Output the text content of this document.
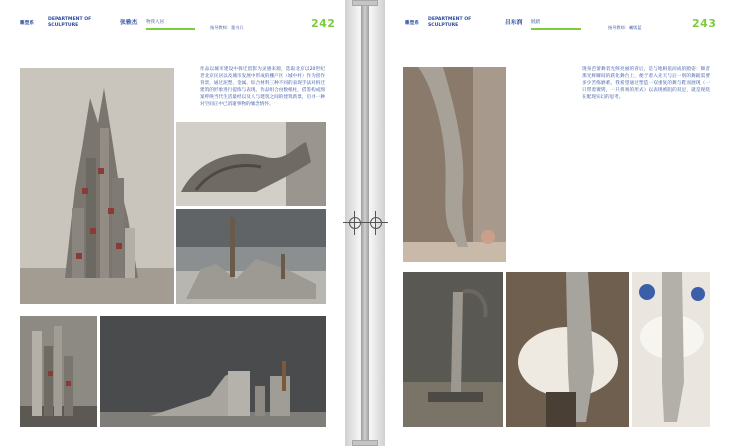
雕塑系
DEPARTMENT OF
SCULPTURE	张雅杰 物我人居
指导教师：董书兵	242
作品以城市建设中拆迁留影为灵感来源，选取北京以20世纪老北京民居以及城市发展中形成的棚户区（城中村）作为创作背景，通过泥塑、金属、综合材料三种不同的表现手法对拆迁建筑的形象进行提炼与表现。作品组合由数根柱，借鉴构成图案呼唤当代生活最经以及人与建筑之间的建筑新景，启寻一种对空间正中已消逝事物的缅念情怀。
雕塑系
DEPARTMENT OF
SCULPTURE	吕东润 锻踏
指导教师：曦嫣蓝	243
现身芭蕾舞者光鲜亮丽的背后，是与地相依而成的蹬姿：舞者那光鲜瞬间的跃化舞台上，便于着入先天与后一别的舞蹈需要多少苦练磨难。我希望通过塑造一双重复的舞与鞋而展现（一只带着镣铐，一只将须的形式）以表现被阻的双足，就是现绕在配现实幻的思考。
